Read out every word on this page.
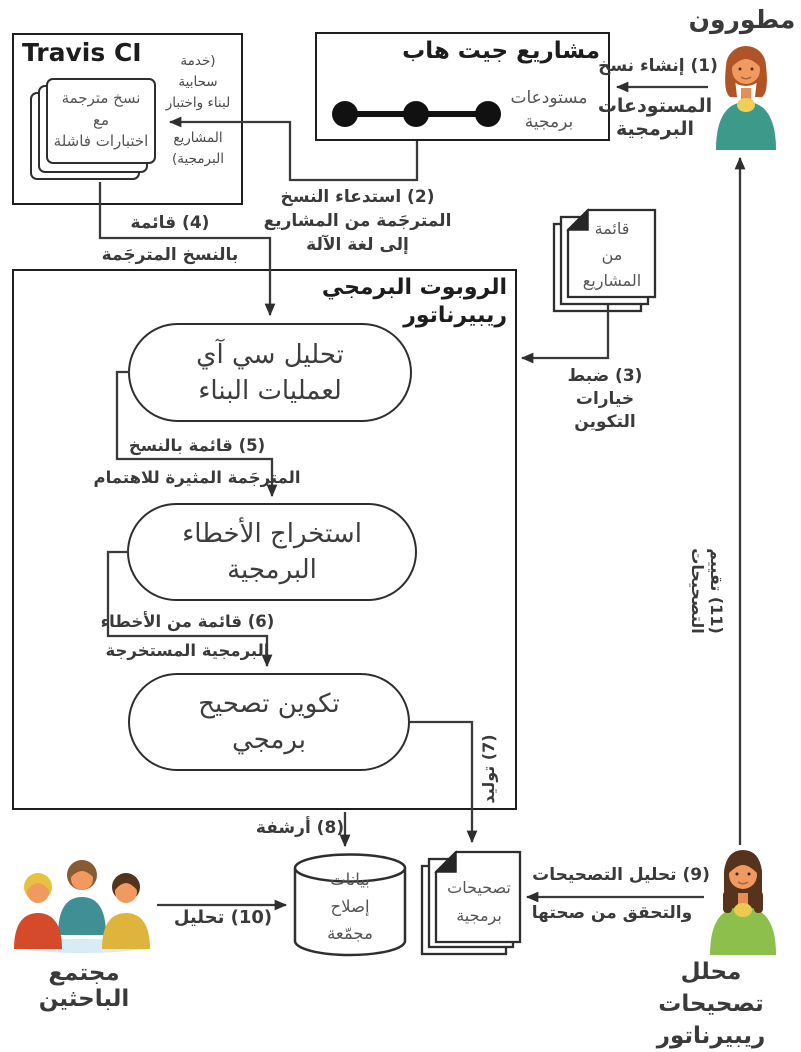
Travis CI	(خدمة
سحابية
لبناء واختبار
المشاريع
البرمجية)
نسخ مترجمة
مع
اختبارات فاشلة
مشاريع جيت هاب
مستودعات
برمجية
الروبوت البرمجي
ريبيرناتور
تحليل سي آي
لعمليات البناء
استخراج الأخطاء
البرمجية
تكوين تصحيح
برمجي
قائمة
من
المشاريع
تصحيحات
برمجية
بيانات
إصلاح
مجمّعة
(1) إنشاء نسخ
المستودعات
البرمجية
(2) استدعاء النسخ
المترجَمة من المشاريع
إلى لغة الآلة
(3) ضبط
خيارات التكوين
(4) قائمة
بالنسخ المترجَمة
(5) قائمة بالنسخ
المترجَمة المثيرة للاهتمام
(6) قائمة من الأخطاء
البرمجية المستخرجة
(7) توليد
(8) أرشفة
(9) تحليل التصحيحات
والتحقق من صحتها
(10) تحليل
(11) تقييم التصحيحات
مطورون
محلل تصحيحات
ريبيرناتور
مجتمع الباحثين
